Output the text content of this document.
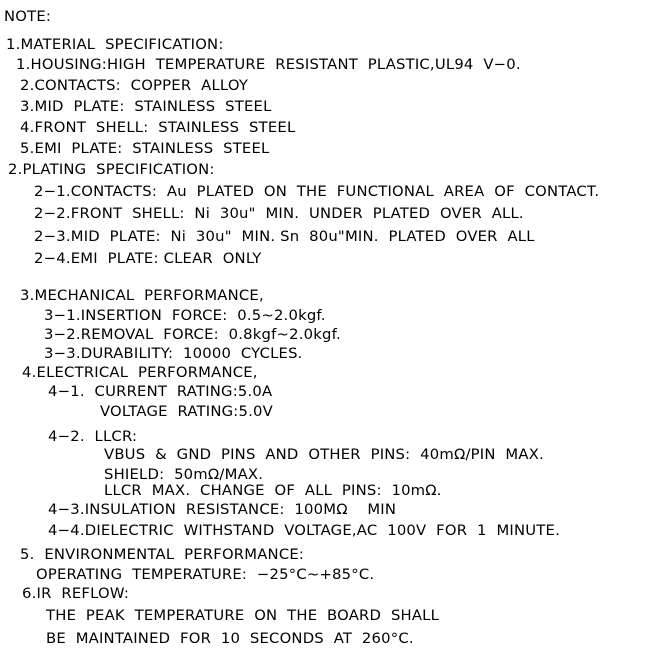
NOTE:
1.MATERIAL  SPECIFICATION:
1.HOUSING:HIGH  TEMPERATURE  RESISTANT  PLASTIC,UL94  V−0.
2.CONTACTS:  COPPER  ALLOY
3.MID  PLATE:  STAINLESS  STEEL
4.FRONT  SHELL:  STAINLESS  STEEL
5.EMI  PLATE:  STAINLESS  STEEL
2.PLATING  SPECIFICATION:
2−1.CONTACTS:  Au  PLATED  ON  THE  FUNCTIONAL  AREA  OF  CONTACT.
2−2.FRONT  SHELL:  Ni  30u"  MIN.  UNDER  PLATED  OVER  ALL.
2−3.MID  PLATE:  Ni  30u"  MIN. Sn  80u"MIN.  PLATED  OVER  ALL
2−4.EMI  PLATE: CLEAR  ONLY
3.MECHANICAL  PERFORMANCE,
3−1.INSERTION  FORCE:  0.5~2.0kgf.
3−2.REMOVAL  FORCE:  0.8kgf~2.0kgf.
3−3.DURABILITY:  10000  CYCLES.
4.ELECTRICAL  PERFORMANCE,
4−1.  CURRENT  RATING:5.0A
VOLTAGE  RATING:5.0V
4−2.  LLCR:
VBUS  &  GND  PINS  AND  OTHER  PINS:  40mΩ/PIN  MAX.
SHIELD:  50mΩ/MAX.
LLCR  MAX.  CHANGE  OF  ALL  PINS:  10mΩ.
4−3.INSULATION  RESISTANCE:  100MΩ    MIN
4−4.DIELECTRIC  WITHSTAND  VOLTAGE,AC  100V  FOR  1  MINUTE.
5.  ENVIRONMENTAL  PERFORMANCE:
OPERATING  TEMPERATURE:  −25°C~+85°C.
6.IR  REFLOW:
THE  PEAK  TEMPERATURE  ON  THE  BOARD  SHALL
BE  MAINTAINED  FOR  10  SECONDS  AT  260°C.
